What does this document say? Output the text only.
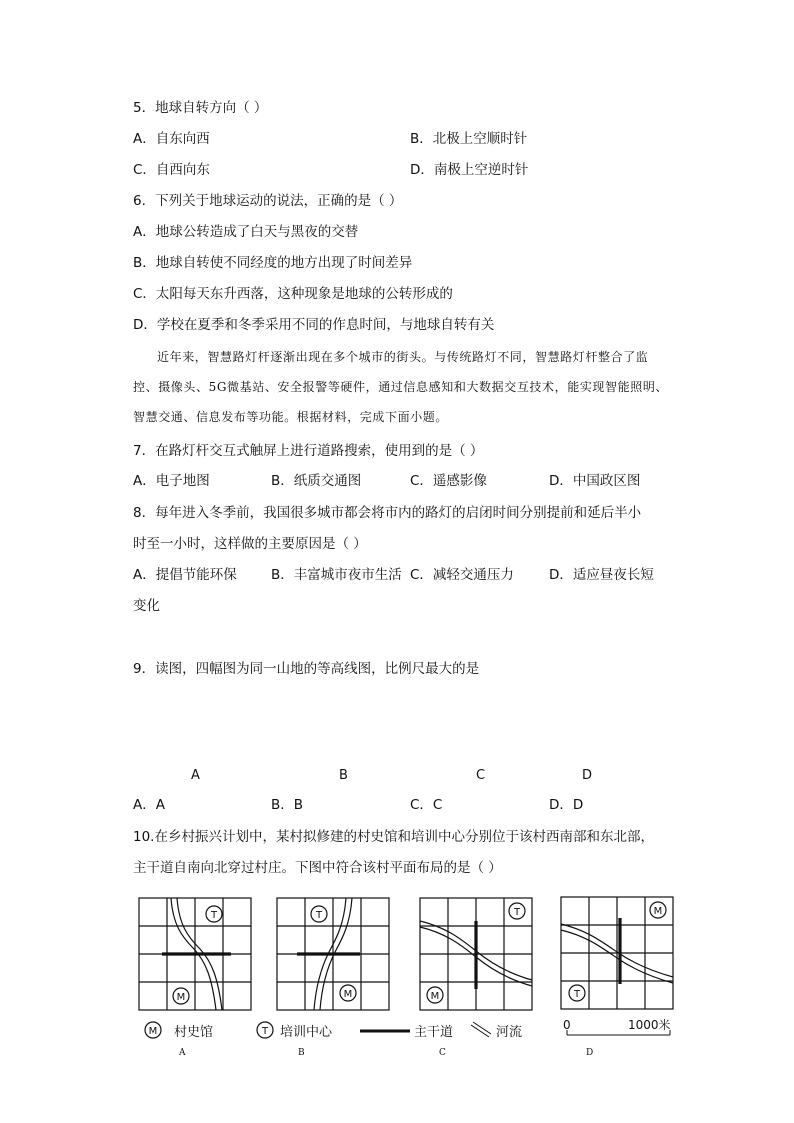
5．地球自转方向（ ）
A．自东向西	B．北极上空顺时针
C．自西向东	D．南极上空逆时针
6．下列关于地球运动的说法，正确的是（ ）
A．地球公转造成了白天与黑夜的交替
B．地球自转使不同经度的地方出现了时间差异
C．太阳每天东升西落，这种现象是地球的公转形成的
D．学校在夏季和冬季采用不同的作息时间，与地球自转有关
近年来，智慧路灯杆逐渐出现在多个城市的街头。与传统路灯不同，智慧路灯杆整合了监控、摄像头、5G微基站、安全报警等硬件，通过信息感知和大数据交互技术，能实现智能照明、智慧交通、信息发布等功能。根据材料，完成下面小题。
7．在路灯杆交互式触屏上进行道路搜索，使用到的是（ ）
A．电子地图	B．纸质交通图	C．遥感影像	D．中国政区图
8．每年进入冬季前，我国很多城市都会将市内的路灯的启闭时间分别提前和延后半小
时至一小时，这样做的主要原因是（ ）
A．提倡节能环保	B．丰富城市夜市生活 C．减轻交通压力	D．适应昼夜长短
变化
9．读图，四幅图为同一山地的等高线图，比例尺最大的是
A	B	C	D
A．A	B．B	C．C	D．D
10.在乡村振兴计划中，某村拟修建的村史馆和培训中心分别位于该村西南部和东北部，
主干道自南向北穿过村庄。下图中符合该村平面布局的是（ ）
T
M
T
M
T
M
M
T
M 村史馆	T 培训中心	主干道	河流	0	1000米
A	B	C	D
